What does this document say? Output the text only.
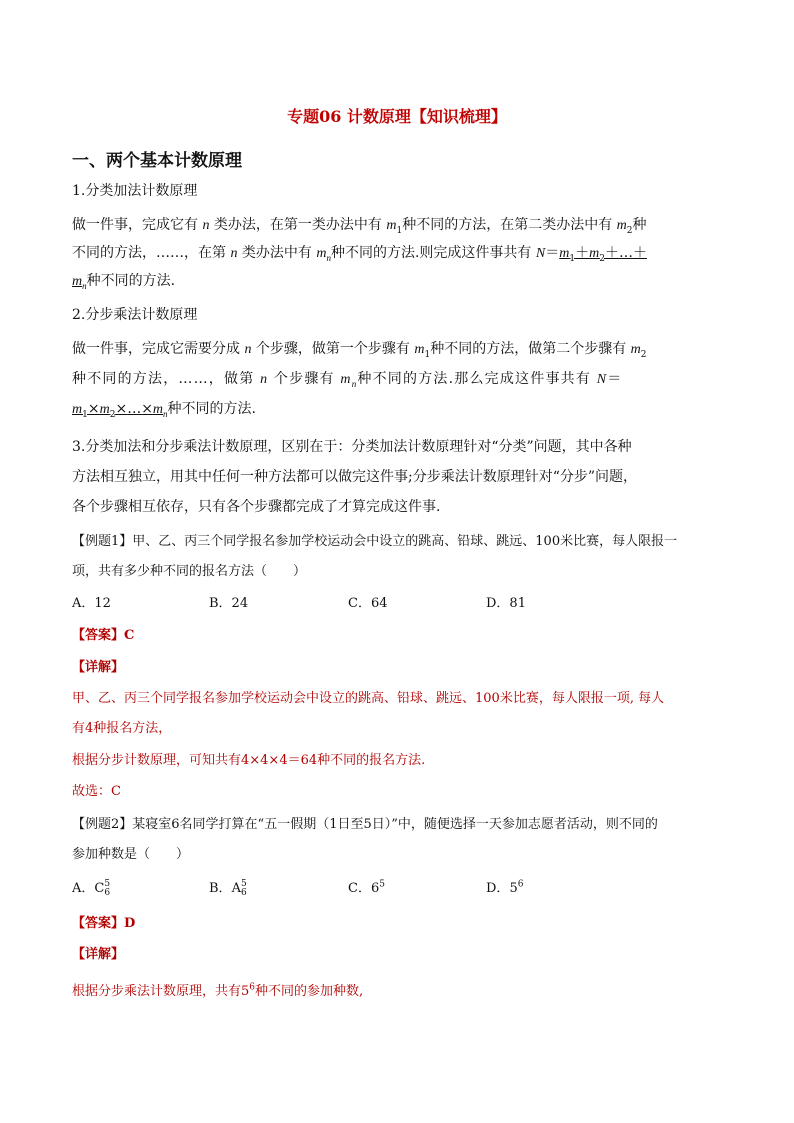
专题06 计数原理【知识梳理】
一、两个基本计数原理
1.分类加法计数原理
做一件事，完成它有 n 类办法，在第一类办法中有 $m_1$种不同的方法，在第二类办法中有 $m_2$种
不同的方法，……，在第 n 类办法中有 $m_n$种不同的方法.则完成这件事共有 $N=m_1+m_2+\dots+$
$m_n$种不同的方法.
2.分步乘法计数原理
做一件事，完成它需要分成 n 个步骤，做第一个步骤有 $m_1$种不同的方法，做第二个步骤有 $m_2$
种不同的方法，……，做第 n 个步骤有 $m_n$种不同的方法.那么完成这件事共有 N＝
$m_1\times m_2\times\dots\times m_n$种不同的方法.
3.分类加法和分步乘法计数原理，区别在于：分类加法计数原理针对“分类”问题，其中各种
方法相互独立，用其中任何一种方法都可以做完这件事;分步乘法计数原理针对“分步”问题，
各个步骤相互依存，只有各个步骤都完成了才算完成这件事.
【例题1】甲、乙、丙三个同学报名参加学校运动会中设立的跳高、铅球、跳远、100米比赛，每人限报一
项，共有多少种不同的报名方法（　　）
A．12	B．24	C．64	D．81
【答案】C
【详解】
甲、乙、丙三个同学报名参加学校运动会中设立的跳高、铅球、跳远、100米比赛，每人限报一项, 每人
有4种报名方法，
根据分步计数原理，可知共有4×4×4＝64种不同的报名方法.
故选：C
【例题2】某寝室6名同学打算在“五一假期（1日至5日）”中，随便选择一天参加志愿者活动，则不同的
参加种数是（　　）
A．C 5
6	B．A 5
6	C．$6^5$	D．$5^6$
【答案】D
【详解】
根据分步乘法计数原理，共有$5^6$种不同的参加种数,
